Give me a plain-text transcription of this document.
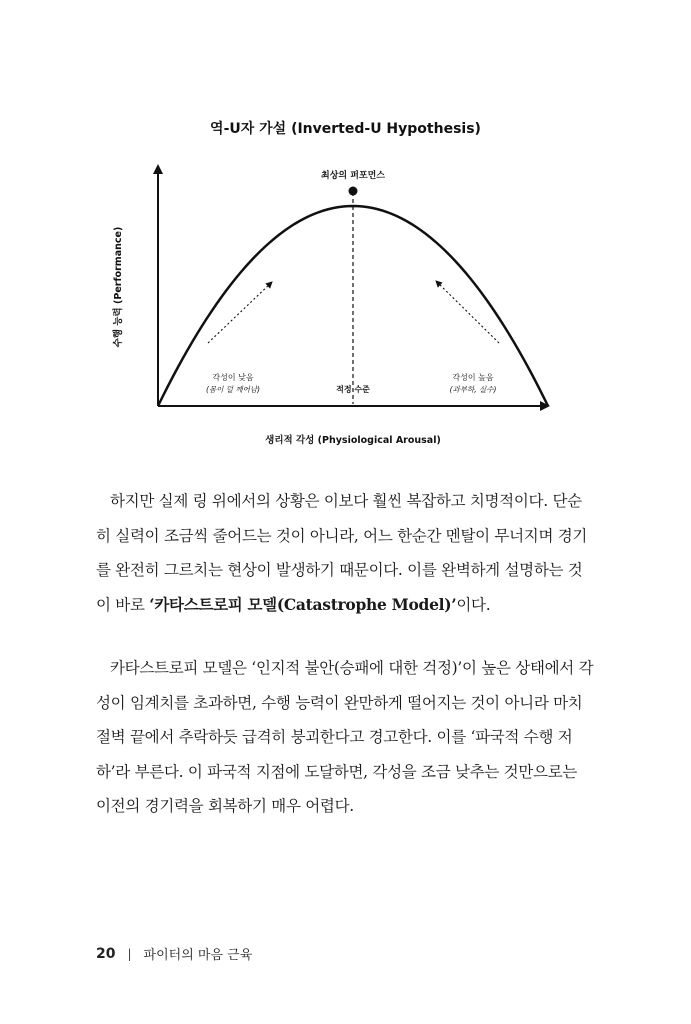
역-U자 가설 (Inverted-U Hypothesis)
최상의 퍼포먼스
각성이 낮음
(몸이 덜 깨어남)	적정 수준
각성이 높음
(과부하, 실수)
생리적 각성 (Physiological Arousal)
수행 능력 (Performance)

하지만 실제 링 위에서의 상황은 이보다 훨씬 복잡하고 치명적이다. 단순히 실력이 조금씩 줄어드는 것이 아니라, 어느 한순간 멘탈이 무너지며 경기를 완전히 그르치는 현상이 발생하기 때문이다. 이를 완벽하게 설명하는 것이 바로 ‘카타스트로피 모델(Catastrophe Model)’이다.

카타스트로피 모델은 ‘인지적 불안(승패에 대한 걱정)’이 높은 상태에서 각성이 임계치를 초과하면, 수행 능력이 완만하게 떨어지는 것이 아니라 마치 절벽 끝에서 추락하듯 급격히 붕괴한다고 경고한다. 이를 ‘파국적 수행 저하’라 부른다. 이 파국적 지점에 도달하면, 각성을 조금 낮추는 것만으로는 이전의 경기력을 회복하기 매우 어렵다.

20 | 파이터의 마음 근육
